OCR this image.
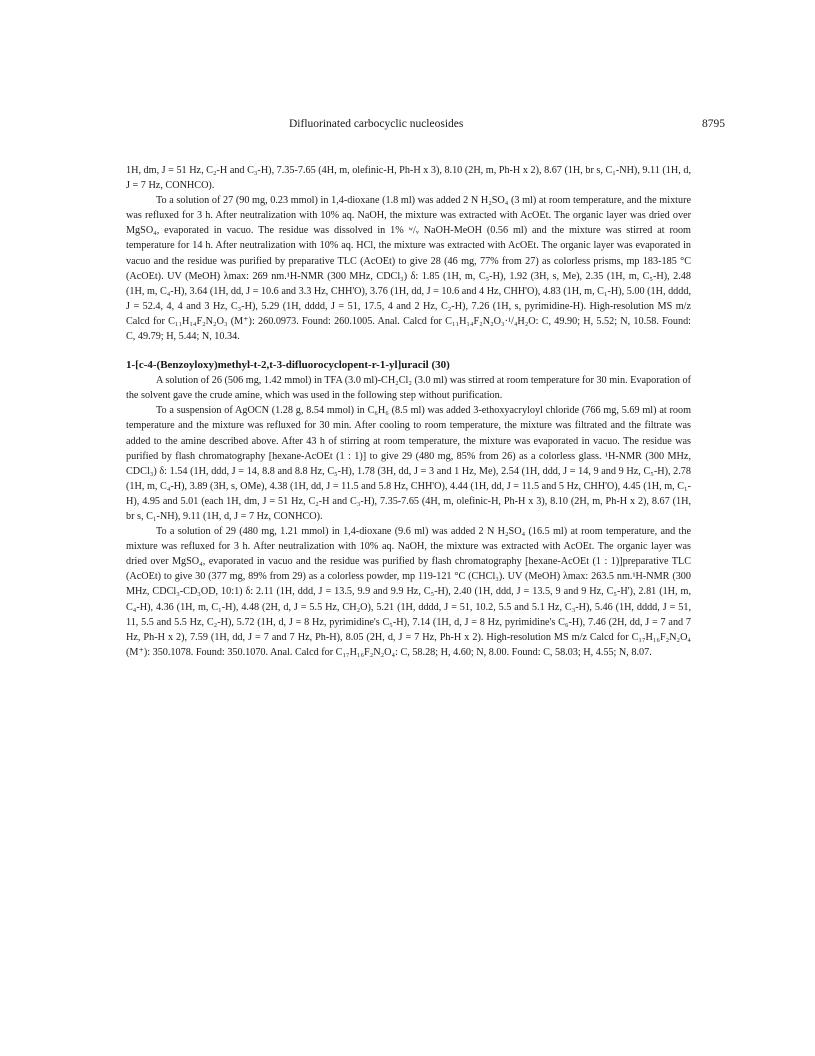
Difluorinated carbocyclic nucleosides	8795

1H, dm, J = 51 Hz, C₂-H and C₃-H), 7.35-7.65 (4H, m, olefinic-H, Ph-H x 3), 8.10 (2H, m, Ph-H x 2), 8.67 (1H, br s, C₁-NH), 9.11 (1H, d, J = 7 Hz, CONHCO).

To a solution of 27 (90 mg, 0.23 mmol) in 1,4-dioxane (1.8 ml) was added 2 N H₂SO₄ (3 ml) at room temperature, and the mixture was refluxed for 3 h. After neutralization with 10% aq. NaOH, the mixture was extracted with AcOEt. The organic layer was dried over MgSO₄, evaporated in vacuo. The residue was dissolved in 1% ʷ/ᵥ NaOH-MeOH (0.56 ml) and the mixture was stirred at room temperature for 14 h. After neutralization with 10% aq. HCl, the mixture was extracted with AcOEt. The organic layer was evaporated in vacuo and the residue was purified by preparative TLC (AcOEt) to give 28 (46 mg, 77% from 27) as colorless prisms, mp 183-185 °C (AcOEt). UV (MeOH) λmax: 269 nm.¹H-NMR (300 MHz, CDCl₃) δ: 1.85 (1H, m, C₅-H), 1.92 (3H, s, Me), 2.35 (1H, m, C₅-H), 2.48 (1H, m, C₄-H), 3.64 (1H, dd, J = 10.6 and 3.3 Hz, CHH'O), 3.76 (1H, dd, J = 10.6 and 4 Hz, CHH'O), 4.83 (1H, m, C₁-H), 5.00 (1H, dddd, J = 52.4, 4, 4 and 3 Hz, C₃-H), 5.29 (1H, dddd, J = 51, 17.5, 4 and 2 Hz, C₂-H), 7.26 (1H, s, pyrimidine-H). High-resolution MS m/z Calcd for C₁₁H₁₄F₂N₂O₃ (M⁺): 260.0973. Found: 260.1005. Anal. Calcd for C₁₁H₁₄F₂N₂O₃·¹/₄H₂O: C, 49.90; H, 5.52; N, 10.58. Found: C, 49.79; H, 5.44; N, 10.34.

1-[c-4-(Benzoyloxy)methyl-t-2,t-3-difluorocyclopent-r-1-yl]uracil (30)

A solution of 26 (506 mg, 1.42 mmol) in TFA (3.0 ml)-CH₂Cl₂ (3.0 ml) was stirred at room temperature for 30 min. Evaporation of the solvent gave the crude amine, which was used in the following step without purification.

To a suspension of AgOCN (1.28 g, 8.54 mmol) in C₆H₆ (8.5 ml) was added 3-ethoxyacryloyl chloride (766 mg, 5.69 ml) at room temperature and the mixture was refluxed for 30 min. After cooling to room temperature, the mixture was filtrated and the filtrate was added to the amine described above. After 43 h of stirring at room temperature, the mixture was evaporated in vacuo. The residue was purified by flash chromatography [hexane-AcOEt (1 : 1)] to give 29 (480 mg, 85% from 26) as a colorless glass. ¹H-NMR (300 MHz, CDCl₃) δ: 1.54 (1H, ddd, J = 14, 8.8 and 8.8 Hz, C₅-H), 1.78 (3H, dd, J = 3 and 1 Hz, Me), 2.54 (1H, ddd, J = 14, 9 and 9 Hz, C₅-H), 2.78 (1H, m, C₄-H), 3.89 (3H, s, OMe), 4.38 (1H, dd, J = 11.5 and 5.8 Hz, CHH'O), 4.44 (1H, dd, J = 11.5 and 5 Hz, CHH'O), 4.45 (1H, m, C₁-H), 4.95 and 5.01 (each 1H, dm, J = 51 Hz, C₂-H and C₃-H), 7.35-7.65 (4H, m, olefinic-H, Ph-H x 3), 8.10 (2H, m, Ph-H x 2), 8.67 (1H, br s, C₁-NH), 9.11 (1H, d, J = 7 Hz, CONHCO).

To a solution of 29 (480 mg, 1.21 mmol) in 1,4-dioxane (9.6 ml) was added 2 N H₂SO₄ (16.5 ml) at room temperature, and the mixture was refluxed for 3 h. After neutralization with 10% aq. NaOH, the mixture was extracted with AcOEt. The organic layer was dried over MgSO₄, evaporated in vacuo and the residue was purified by flash chromatography [hexane-AcOEt (1 : 1)]preparative TLC (AcOEt) to give 30 (377 mg, 89% from 29) as a colorless powder, mp 119-121 °C (CHCl₃). UV (MeOH) λmax: 263.5 nm.¹H-NMR (300 MHz, CDCl₃-CD₃OD, 10:1) δ: 2.11 (1H, ddd, J = 13.5, 9.9 and 9.9 Hz, C₅-H), 2.40 (1H, ddd, J = 13.5, 9 and 9 Hz, C₅-H'), 2.81 (1H, m, C₄-H), 4.36 (1H, m, C₁-H), 4.48 (2H, d, J = 5.5 Hz, CH₂O), 5.21 (1H, dddd, J = 51, 10.2, 5.5 and 5.1 Hz, C₃-H), 5.46 (1H, dddd, J = 51, 11, 5.5 and 5.5 Hz, C₂-H), 5.72 (1H, d, J = 8 Hz, pyrimidine's C₅-H), 7.14 (1H, d, J = 8 Hz, pyrimidine's C₆-H), 7.46 (2H, dd, J = 7 and 7 Hz, Ph-H x 2), 7.59 (1H, dd, J = 7 and 7 Hz, Ph-H), 8.05 (2H, d, J = 7 Hz, Ph-H x 2). High-resolution MS m/z Calcd for C₁₇H₁₆F₂N₂O₄ (M⁺): 350.1078. Found: 350.1070. Anal. Calcd for C₁₇H₁₆F₂N₂O₄: C, 58.28; H, 4.60; N, 8.00. Found: C, 58.03; H, 4.55; N, 8.07.
